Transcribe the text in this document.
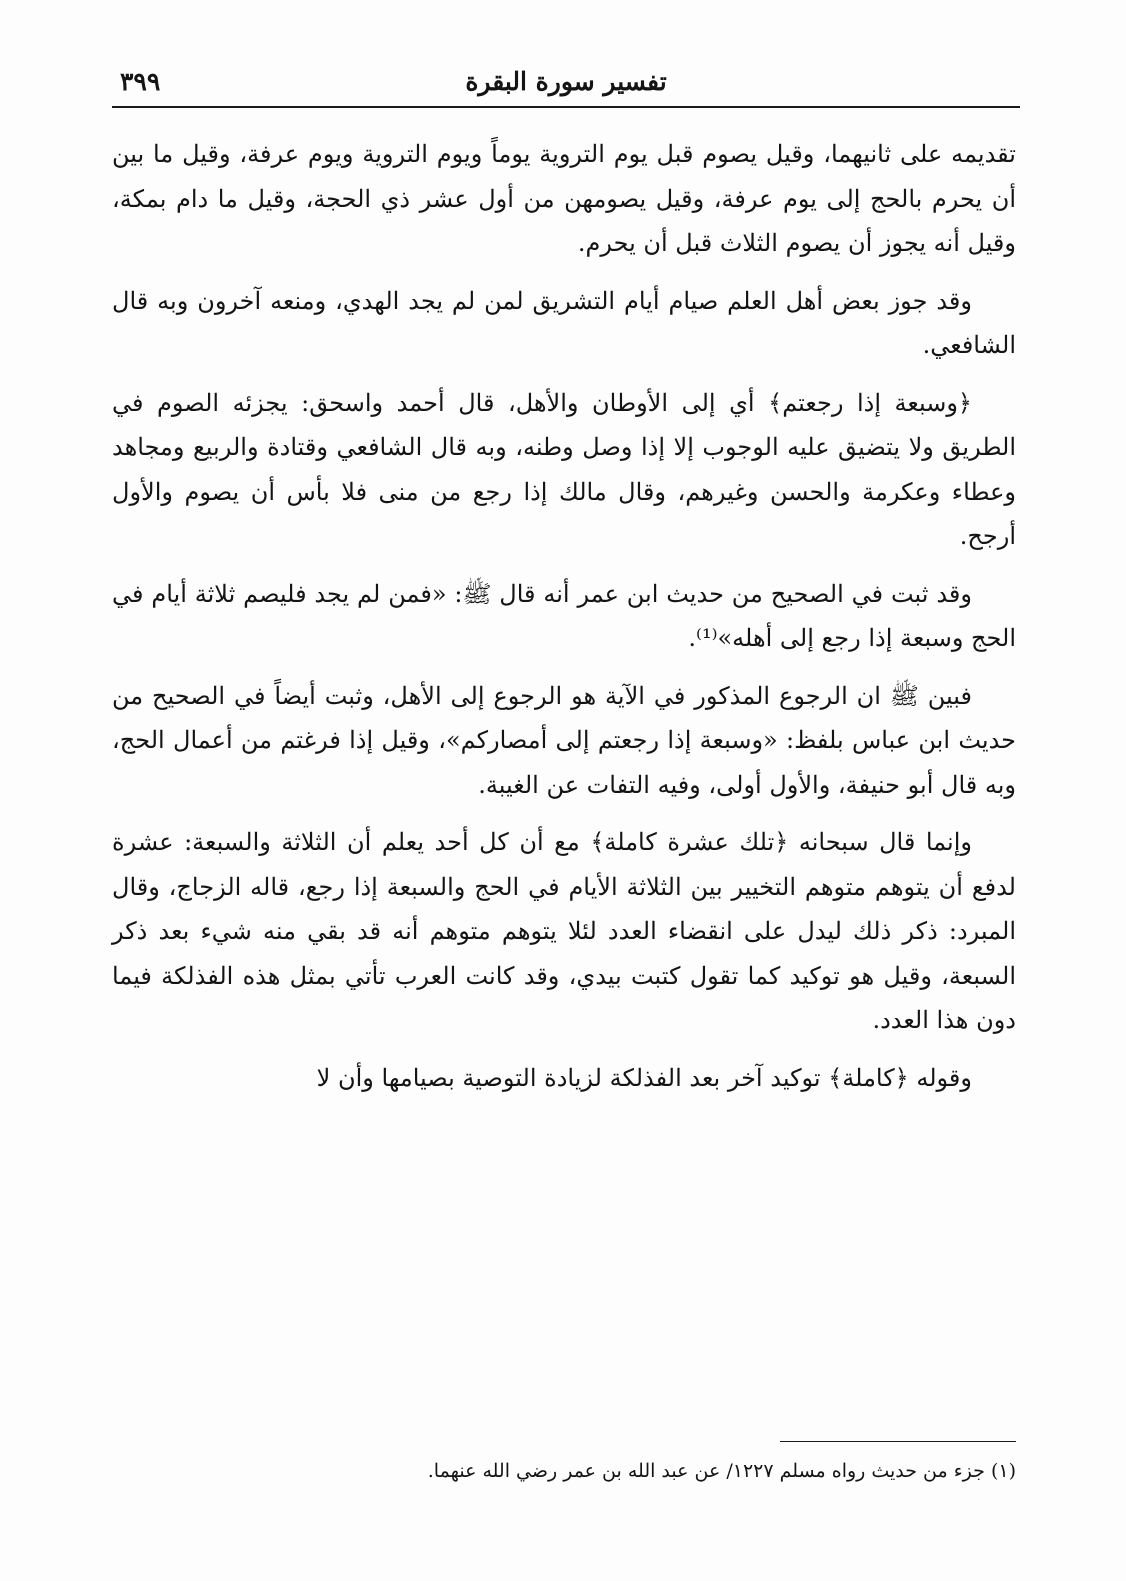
تفسير سورة البقرة
٣٩٩

تقديمه على ثانيهما، وقيل يصوم قبل يوم التروية يوماً ويوم التروية ويوم عرفة، وقيل ما بين أن يحرم بالحج إلى يوم عرفة، وقيل يصومهن من أول عشر ذي الحجة، وقيل ما دام بمكة، وقيل أنه يجوز أن يصوم الثلاث قبل أن يحرم.

وقد جوز بعض أهل العلم صيام أيام التشريق لمن لم يجد الهدي، ومنعه آخرون وبه قال الشافعي.

﴿وسبعة إذا رجعتم﴾ أي إلى الأوطان والأهل، قال أحمد واسحق: يجزئه الصوم في الطريق ولا يتضيق عليه الوجوب إلا إذا وصل وطنه، وبه قال الشافعي وقتادة والربيع ومجاهد وعطاء وعكرمة والحسن وغيرهم، وقال مالك إذا رجع من منى فلا بأس أن يصوم والأول أرجح.

وقد ثبت في الصحيح من حديث ابن عمر أنه قال ﷺ: «فمن لم يجد فليصم ثلاثة أيام في الحج وسبعة إذا رجع إلى أهله»⁽¹⁾.

فبين ﷺ ان الرجوع المذكور في الآية هو الرجوع إلى الأهل، وثبت أيضاً في الصحيح من حديث ابن عباس بلفظ: «وسبعة إذا رجعتم إلى أمصاركم»، وقيل إذا فرغتم من أعمال الحج، وبه قال أبو حنيفة، والأول أولى، وفيه التفات عن الغيبة.

وإنما قال سبحانه ﴿تلك عشرة كاملة﴾ مع أن كل أحد يعلم أن الثلاثة والسبعة: عشرة لدفع أن يتوهم متوهم التخيير بين الثلاثة الأيام في الحج والسبعة إذا رجع، قاله الزجاج، وقال المبرد: ذكر ذلك ليدل على انقضاء العدد لئلا يتوهم متوهم أنه قد بقي منه شيء بعد ذكر السبعة، وقيل هو توكيد كما تقول كتبت بيدي، وقد كانت العرب تأتي بمثل هذه الفذلكة فيما دون هذا العدد.

وقوله ﴿كاملة﴾ توكيد آخر بعد الفذلكة لزيادة التوصية بصيامها وأن لا

(١) جزء من حديث رواه مسلم ١٢٢٧/ عن عبد الله بن عمر رضي الله عنهما.
